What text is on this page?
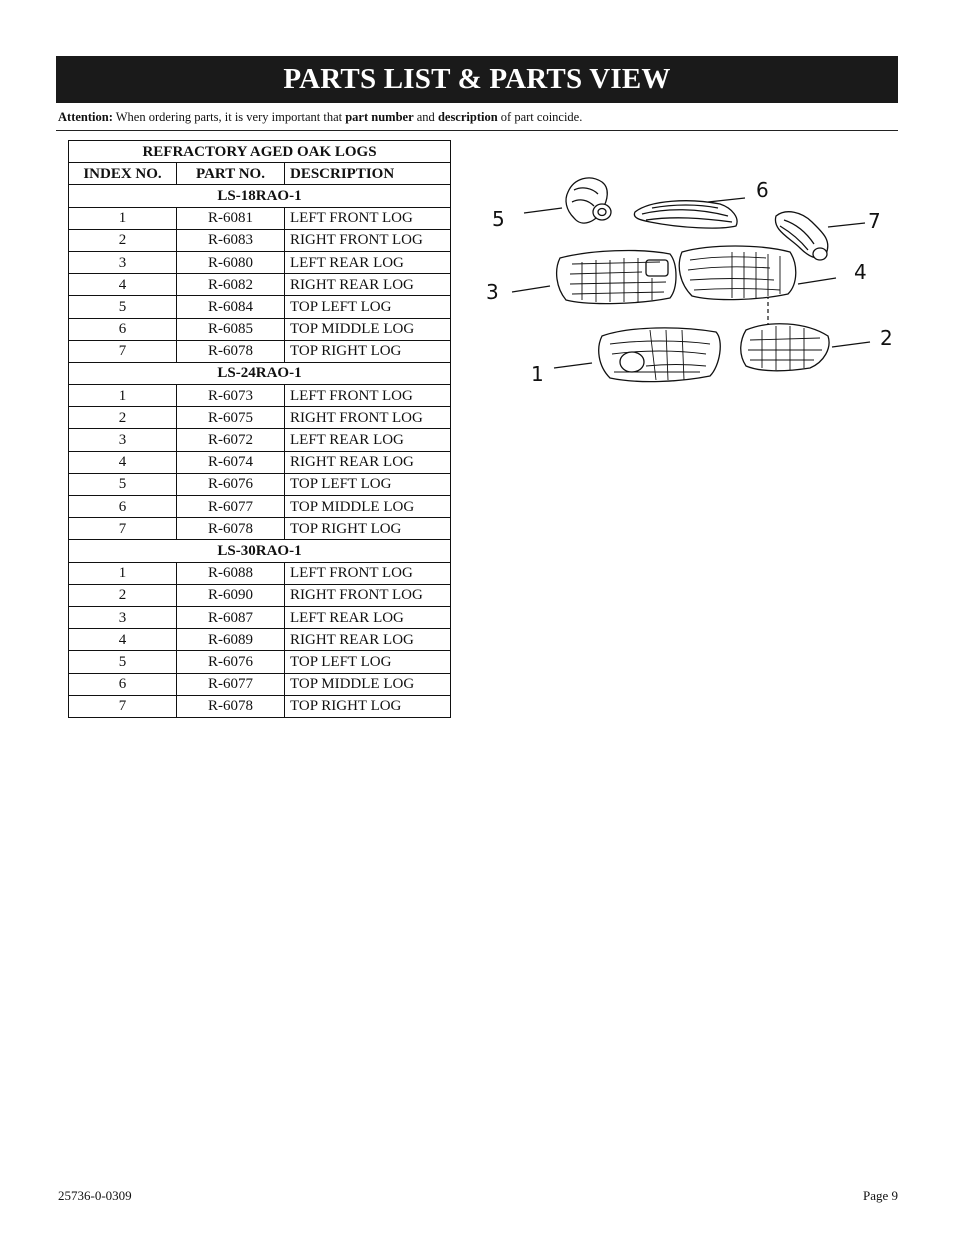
PARTS LIST & PARTS VIEW
Attention: When ordering parts, it is very important that part number and description of part coincide.
REFRACTORY AGED OAK LOGS		
INDEX NO.	PART NO.	DESCRIPTION
LS-18RAO-1		
1	R-6081	LEFT FRONT LOG
2	R-6083	RIGHT FRONT LOG
3	R-6080	LEFT REAR LOG
4	R-6082	RIGHT REAR LOG
5	R-6084	TOP LEFT LOG
6	R-6085	TOP MIDDLE LOG
7	R-6078	TOP RIGHT LOG
LS-24RAO-1		
1	R-6073	LEFT FRONT LOG
2	R-6075	RIGHT FRONT LOG
3	R-6072	LEFT REAR LOG
4	R-6074	RIGHT REAR LOG
5	R-6076	TOP LEFT LOG
6	R-6077	TOP MIDDLE LOG
7	R-6078	TOP RIGHT LOG
LS-30RAO-1		
1	R-6088	LEFT FRONT LOG
2	R-6090	RIGHT FRONT LOG
3	R-6087	LEFT REAR LOG
4	R-6089	RIGHT REAR LOG
5	R-6076	TOP LEFT LOG
6	R-6077	TOP MIDDLE LOG
7	R-6078	TOP RIGHT LOG
5
6
7
3
4
2
1
25736-0-0309	Page 9
